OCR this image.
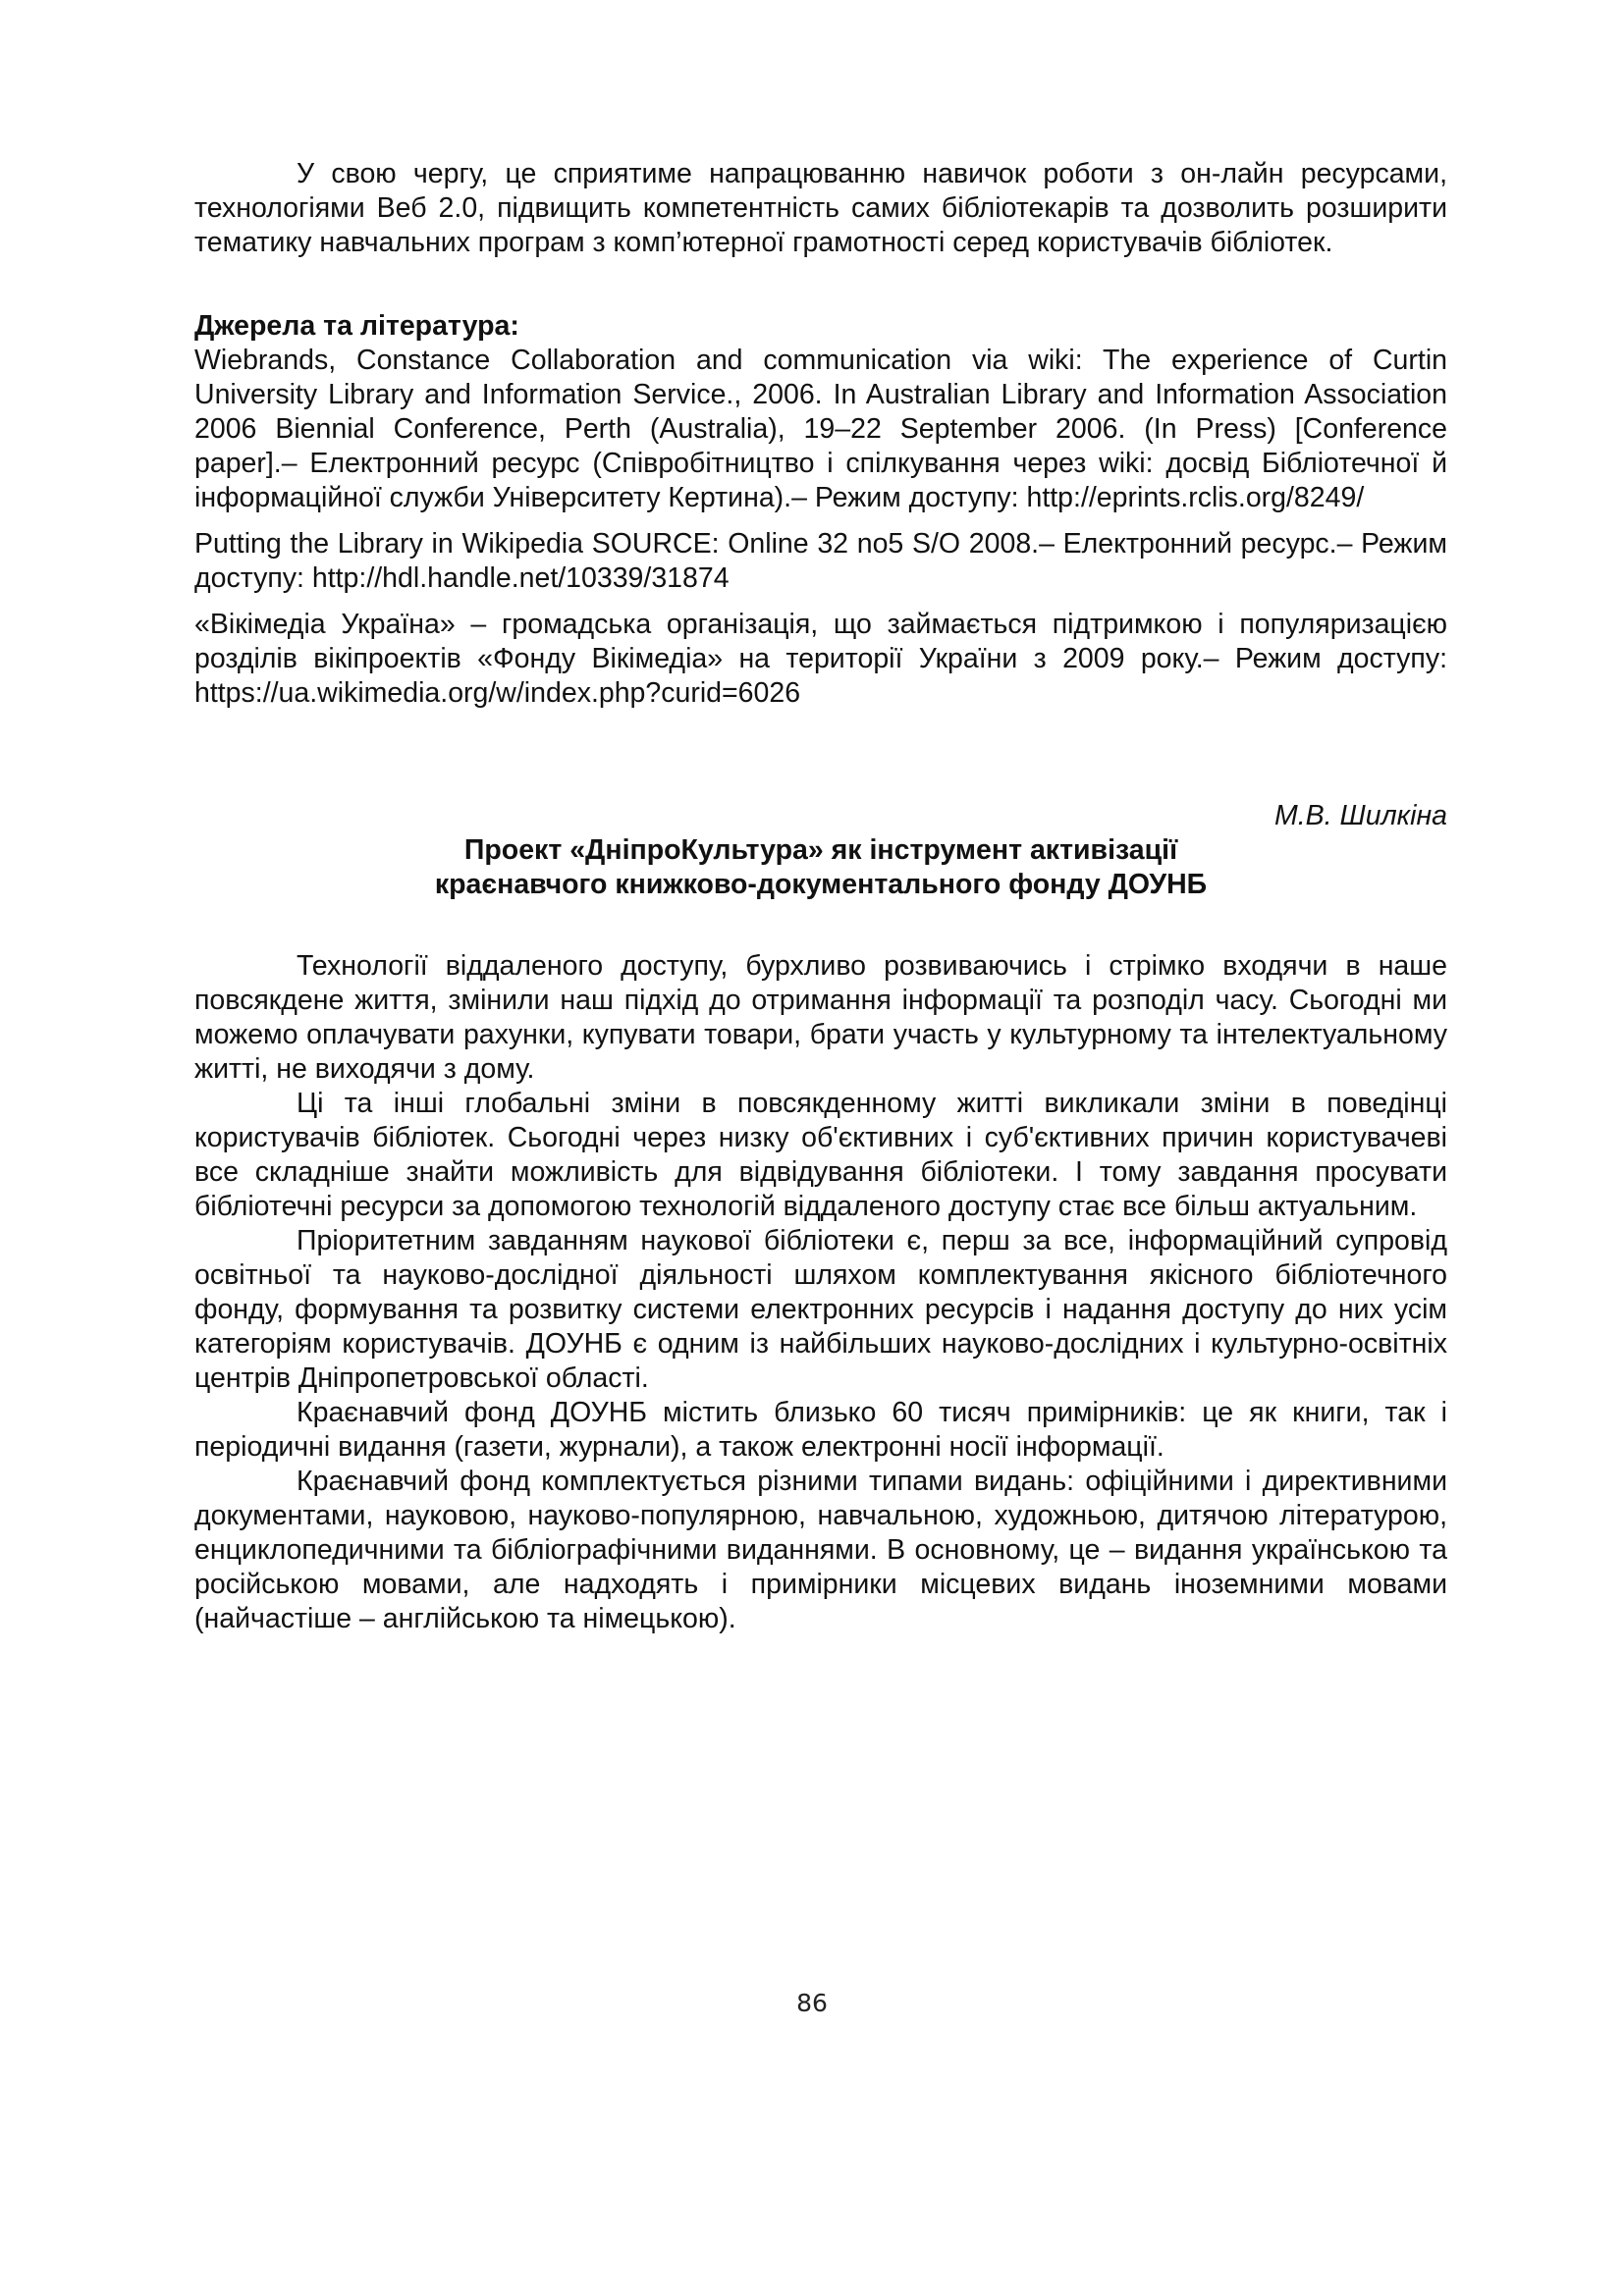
У свою чергу, це сприятиме напрацюванню навичок роботи з он-лайн ресурсами, технологіями Веб 2.0, підвищить компетентність самих бібліотекарів та дозволить розширити тематику навчальних програм з комп’ютерної грамотності серед користувачів бібліотек.

Джерела та література:

Wiebrands, Constance Collaboration and communication via wiki: The experience of Curtin University Library and Information Service., 2006. In Australian Library and Information Association 2006 Biennial Conference, Perth (Australia), 19–22 September 2006. (In Press) [Conference paper].– Електронний ресурс (Співробітництво і спілкування через wiki: досвід Бібліотечної й інформаційної служби Університету Кертина).– Режим доступу: http://eprints.rclis.org/8249/

Putting the Library in Wikipedia SOURCE: Online 32 no5 S/O 2008.– Електронний ресурс.– Режим доступу: http://hdl.handle.net/10339/31874

«Вікімедіа Україна» – громадська організація, що займається підтримкою і популяризацією розділів вікіпроектів «Фонду Вікімедіа» на території України з 2009 року.– Режим доступу: https://ua.wikimedia.org/w/index.php?curid=6026

М.В. Шилкіна

Проект «ДніпроКультура» як інструмент активізації
краєнавчого книжково-документального фонду ДОУНБ

Технології віддаленого доступу, бурхливо розвиваючись і стрімко входячи в наше повсякдене життя, змінили наш підхід до отримання інформації та розподіл часу. Сьогодні ми можемо оплачувати рахунки, купувати товари, брати участь у культурному та інтелектуальному житті, не виходячи з дому.

Ці та інші глобальні зміни в повсякденному житті викликали зміни в поведінці користувачів бібліотек. Сьогодні через низку об'єктивних і суб'єктивних причин користувачеві все складніше знайти можливість для відвідування бібліотеки. І тому завдання просувати бібліотечні ресурси за допомогою технологій віддаленого доступу стає все більш актуальним.

Пріоритетним завданням наукової бібліотеки є, перш за все, інформаційний супровід освітньої та науково-дослідної діяльності шляхом комплектування якісного бібліотечного фонду, формування та розвитку системи електронних ресурсів і надання доступу до них усім категоріям користувачів. ДОУНБ є одним із найбільших науково-дослідних і культурно-освітніх центрів Дніпропетровської області.

Краєнавчий фонд ДОУНБ містить близько 60 тисяч примірників: це як книги, так і періодичні видання (газети, журнали), а також електронні носії інформації.

Краєнавчий фонд комплектується різними типами видань: офіційними і директивними документами, науковою, науково-популярною, навчальною, художньою, дитячою літературою, енциклопедичними та бібліографічними виданнями. В основному, це – видання українською та російською мовами, але надходять і примірники місцевих видань іноземними мовами (найчастіше – англійською та німецькою).

86
